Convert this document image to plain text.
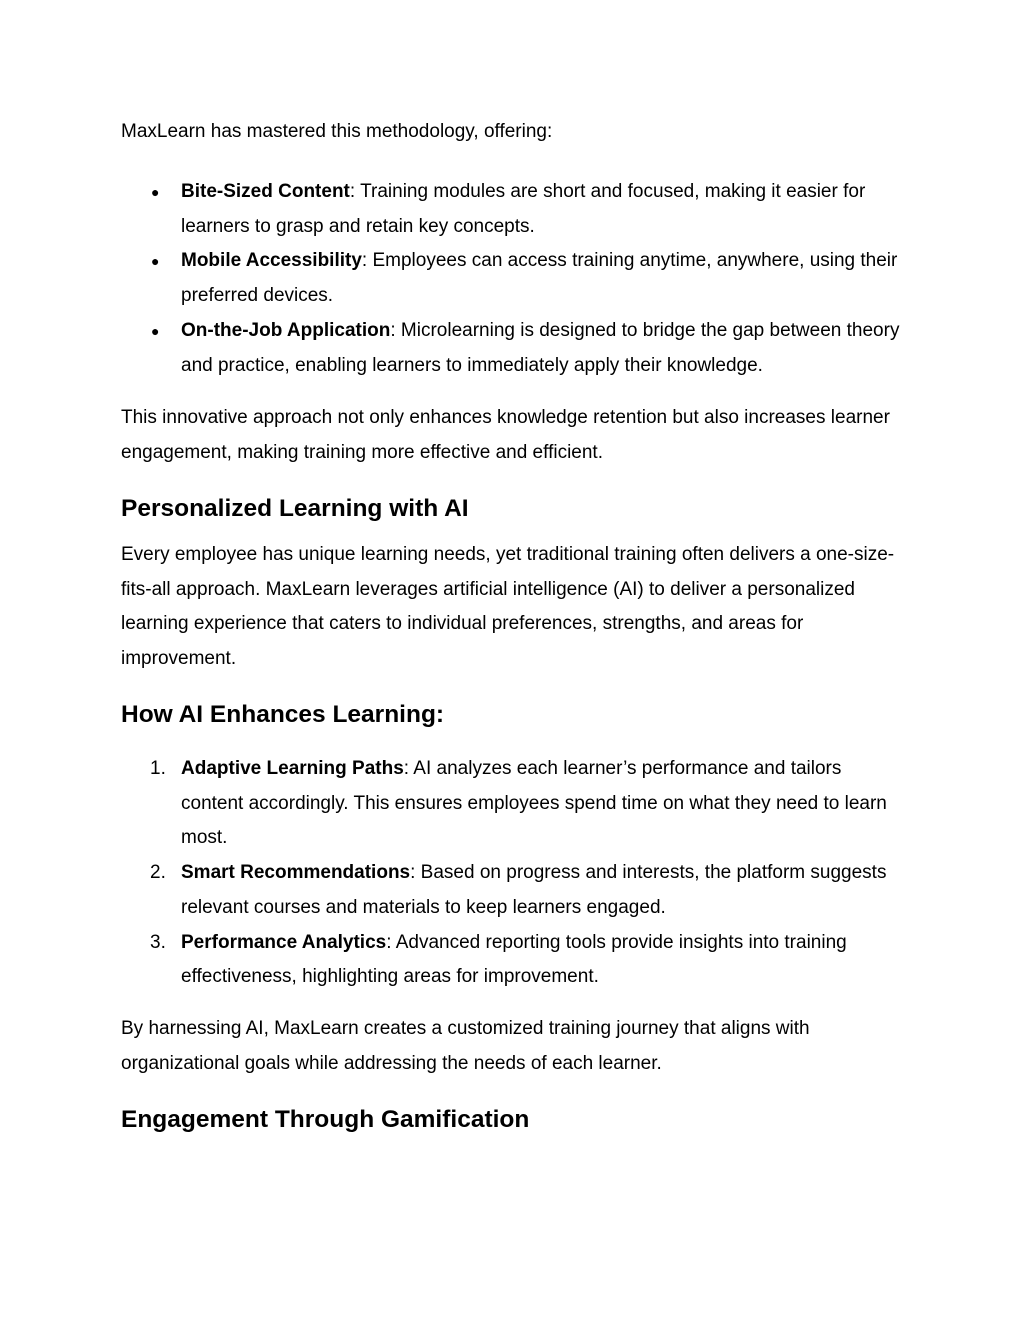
MaxLearn has mastered this methodology, offering:

● Bite-Sized Content: Training modules are short and focused, making it easier for learners to grasp and retain key concepts.
● Mobile Accessibility: Employees can access training anytime, anywhere, using their preferred devices.
● On-the-Job Application: Microlearning is designed to bridge the gap between theory and practice, enabling learners to immediately apply their knowledge.

This innovative approach not only enhances knowledge retention but also increases learner engagement, making training more effective and efficient.

Personalized Learning with AI

Every employee has unique learning needs, yet traditional training often delivers a one-size-fits-all approach. MaxLearn leverages artificial intelligence (AI) to deliver a personalized learning experience that caters to individual preferences, strengths, and areas for improvement.

How AI Enhances Learning:
1. Adaptive Learning Paths: AI analyzes each learner’s performance and tailors content accordingly. This ensures employees spend time on what they need to learn most.
2. Smart Recommendations: Based on progress and interests, the platform suggests relevant courses and materials to keep learners engaged.
3. Performance Analytics: Advanced reporting tools provide insights into training effectiveness, highlighting areas for improvement.

By harnessing AI, MaxLearn creates a customized training journey that aligns with organizational goals while addressing the needs of each learner.

Engagement Through Gamification
